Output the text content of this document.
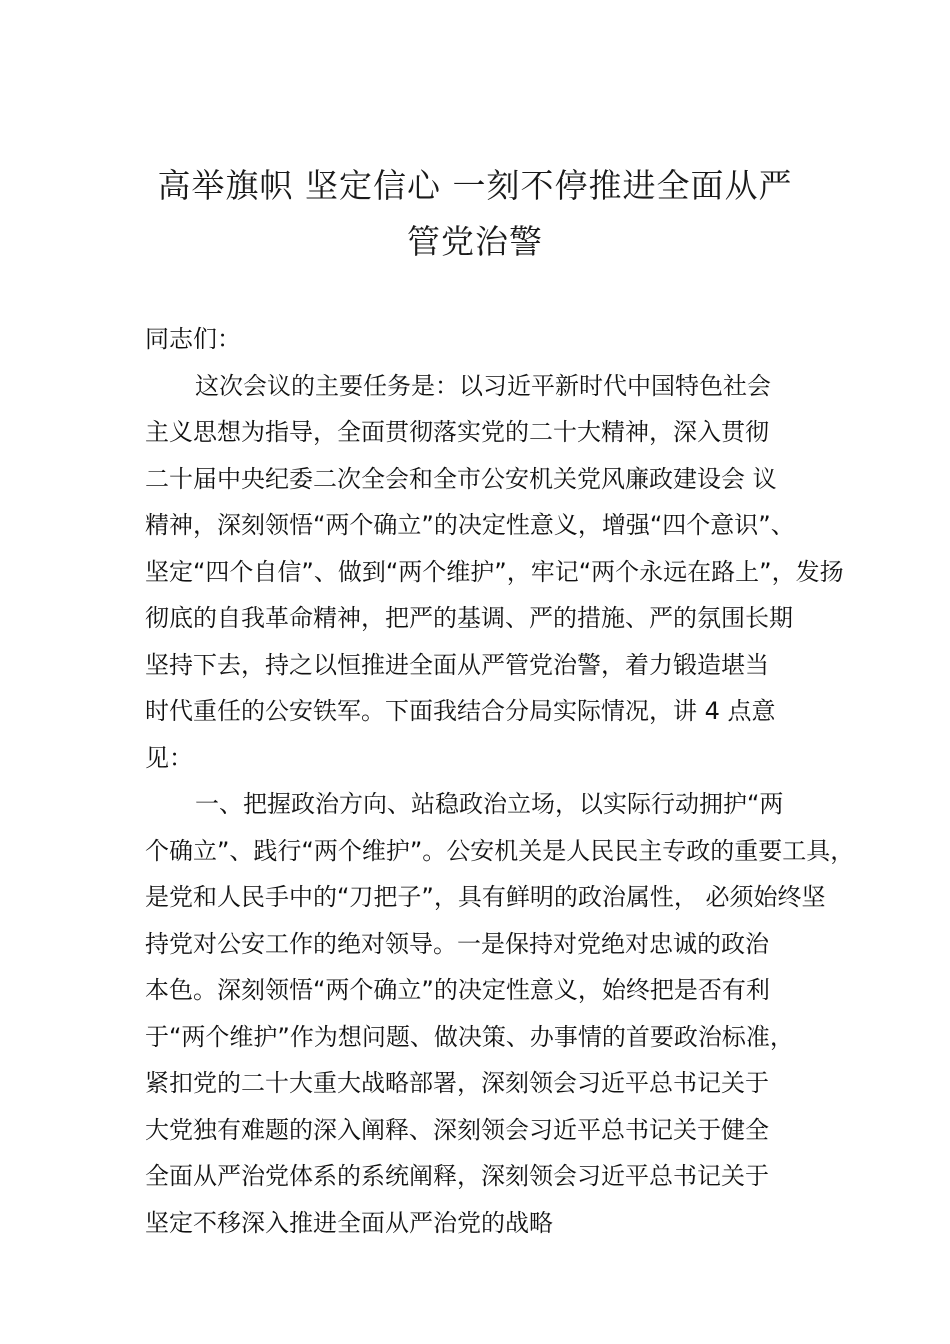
高举旗帜 坚定信心 一刻不停推进全面从严
管党治警
同志们：
这次会议的主要任务是：以习近平新时代中国特色社会
主义思想为指导，全面贯彻落实党的二十大精神，深入贯彻
二十届中央纪委二次全会和全市公安机关党风廉政建设会 议
精神，深刻领悟“两个确立”的决定性意义，增强“四个意识”、
坚定“四个自信”、做到“两个维护”，牢记“两个永远在路上”，发扬
彻底的自我革命精神，把严的基调、严的措施、严的氛围长期
坚持下去，持之以恒推进全面从严管党治警，着力锻造堪当
时代重任的公安铁军。下面我结合分局实际情况，讲 4 点意
见：
一、把握政治方向、站稳政治立场，以实际行动拥护“两
个确立”、践行“两个维护”。公安机关是人民民主专政的重要工具，
是党和人民手中的“刀把子”，具有鲜明的政治属性， 必须始终坚
持党对公安工作的绝对领导。一是保持对党绝对忠诚的政治
本色。深刻领悟“两个确立”的决定性意义，始终把是否有利
于“两个维护”作为想问题、做决策、办事情的首要政治标准，
紧扣党的二十大重大战略部署，深刻领会习近平总书记关于
大党独有难题的深入阐释、深刻领会习近平总书记关于健全
全面从严治党体系的系统阐释，深刻领会习近平总书记关于
坚定不移深入推进全面从严治党的战略
